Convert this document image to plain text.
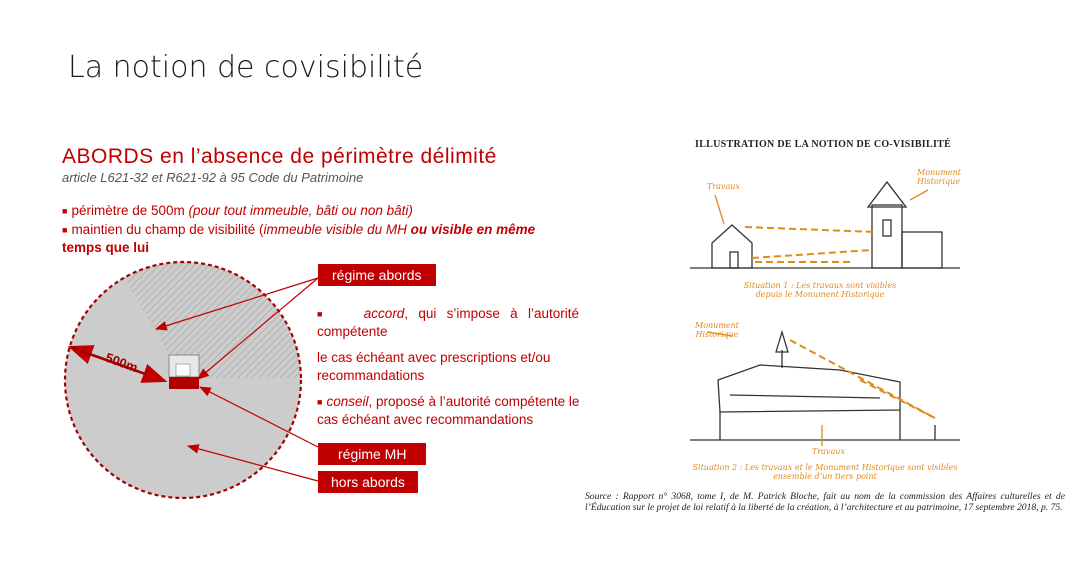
La notion de covisibilité
ABORDS en l’absence de périmètre délimité
article L621-32 et R621-92 à 95 Code du Patrimoine
■ périmètre de 500m (pour tout immeuble, bâti ou non bâti)
■ maintien du champ de visibilité (immeuble visible du MH ou visible en même
temps que lui
500m
régime abords
régime MH
hors abords
■	accord, qui s’impose à l’autorité compétente
le cas échéant avec prescriptions et/ou recommandations
■ conseil, proposé à l’autorité compétente le cas échéant avec recommandations
ILLUSTRATION DE LA NOTION DE CO-VISIBILITÉ
Travaux
Monument Historique
Situation 1 : Les travaux sont visibles depuis le Monument Historique
Monument Historique
Travaux
Situation 2 : Les travaux et le Monument Historique sont visibles ensemble d’un tiers point
Source : Rapport n° 3068, tome I, de M. Patrick Bloche, fait au nom de la commission des Affaires culturelles et de l’Éducation sur le projet de loi relatif à la liberté de la création, à l’architecture et au patrimoine, 17 septembre 2018, p. 75.
